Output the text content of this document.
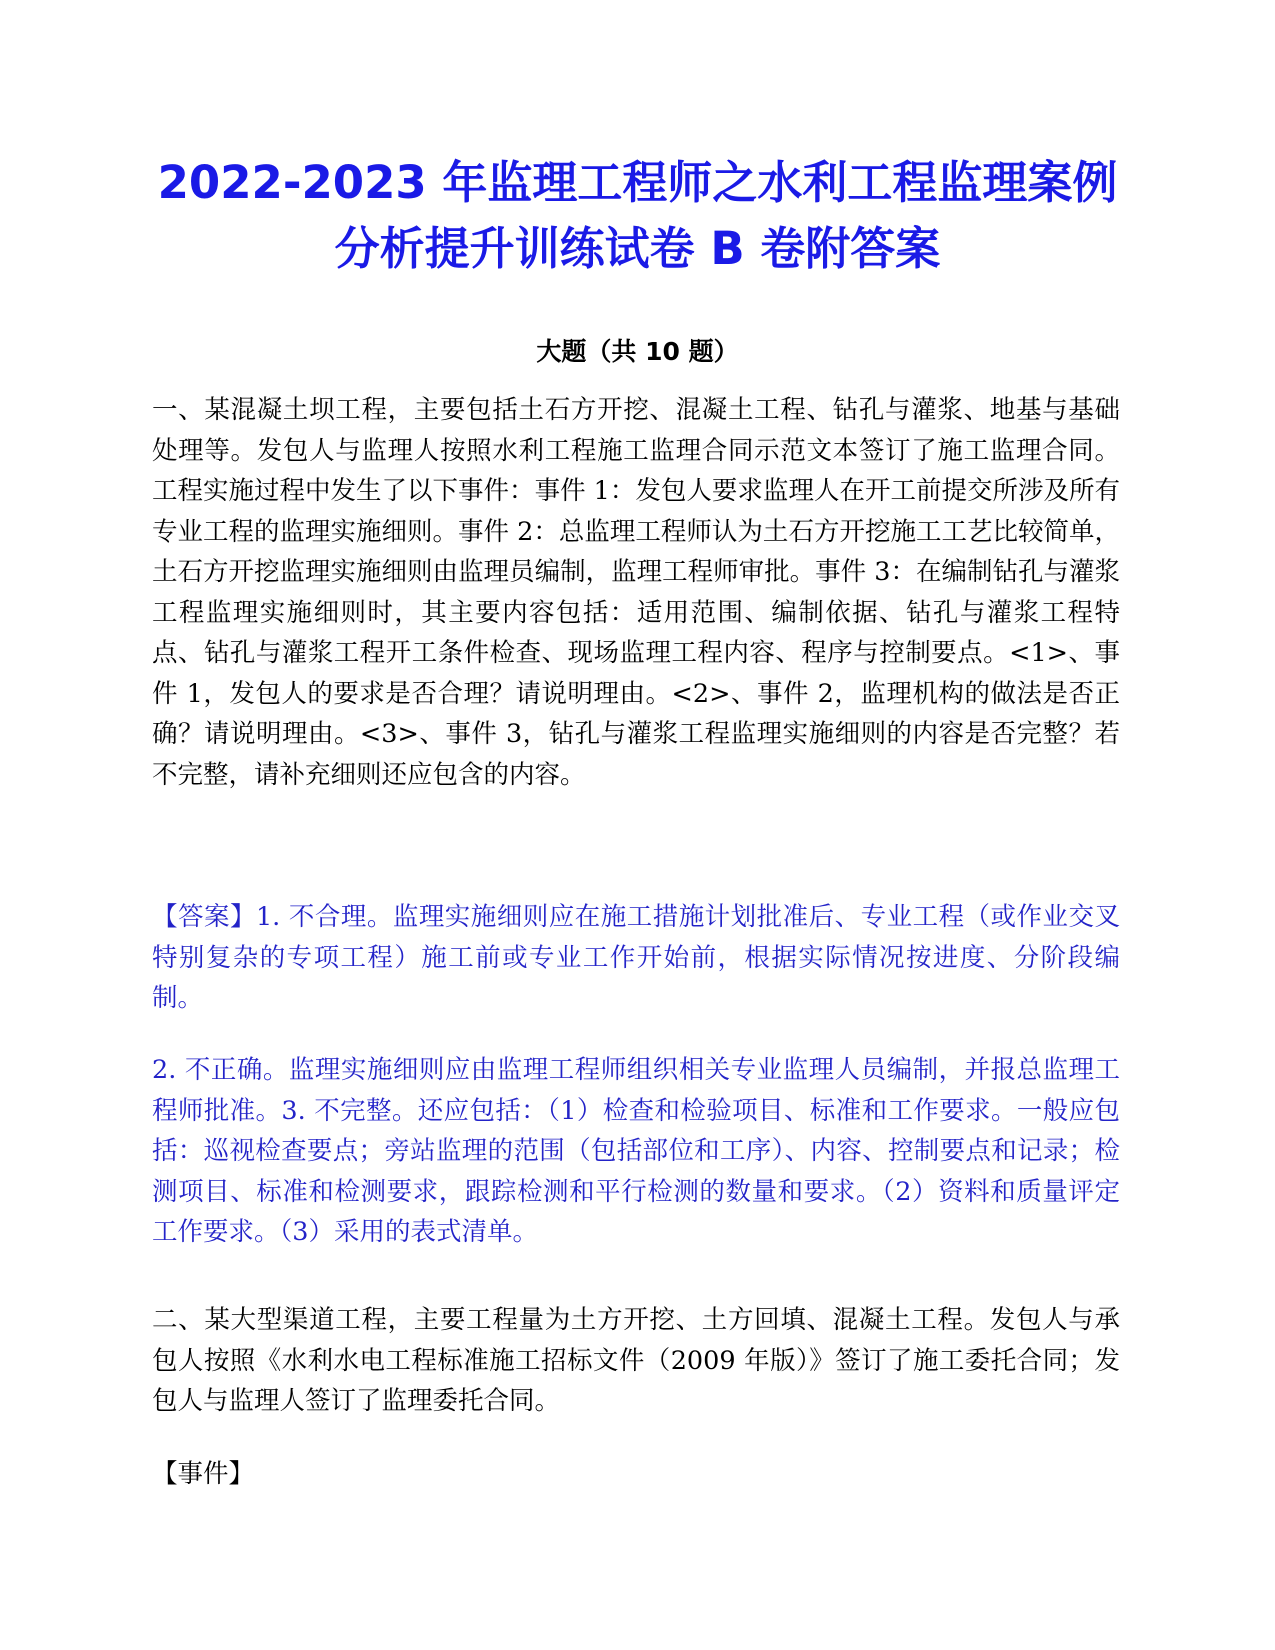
2022-2023 年监理工程师之水利工程监理案例分析提升训练试卷 B 卷附答案
大题（共 10 题）

一、某混凝土坝工程，主要包括土石方开挖、混凝土工程、钻孔与灌浆、地基与基础处理等。发包人与监理人按照水利工程施工监理合同示范文本签订了施工监理合同。工程实施过程中发生了以下事件：事件 1：发包人要求监理人在开工前提交所涉及所有专业工程的监理实施细则。事件 2：总监理工程师认为土石方开挖施工工艺比较简单，土石方开挖监理实施细则由监理员编制，监理工程师审批。事件 3：在编制钻孔与灌浆工程监理实施细则时，其主要内容包括：适用范围、编制依据、钻孔与灌浆工程特点、钻孔与灌浆工程开工条件检查、现场监理工程内容、程序与控制要点。<1>、事件 1，发包人的要求是否合理？请说明理由。<2>、事件 2，监理机构的做法是否正确？请说明理由。<3>、事件 3，钻孔与灌浆工程监理实施细则的内容是否完整？若不完整，请补充细则还应包含的内容。

【答案】1. 不合理。监理实施细则应在施工措施计划批准后、专业工程（或作业交叉特别复杂的专项工程）施工前或专业工作开始前，根据实际情况按进度、分阶段编制。

2. 不正确。监理实施细则应由监理工程师组织相关专业监理人员编制，并报总监理工程师批准。3. 不完整。还应包括：（1）检查和检验项目、标准和工作要求。一般应包括：巡视检查要点；旁站监理的范围（包括部位和工序）、内容、控制要点和记录；检测项目、标准和检测要求，跟踪检测和平行检测的数量和要求。（2）资料和质量评定工作要求。（3）采用的表式清单。

二、某大型渠道工程，主要工程量为土方开挖、土方回填、混凝土工程。发包人与承包人按照《水利水电工程标准施工招标文件（2009 年版）》签订了施工委托合同；发包人与监理人签订了监理委托合同。

【事件】
